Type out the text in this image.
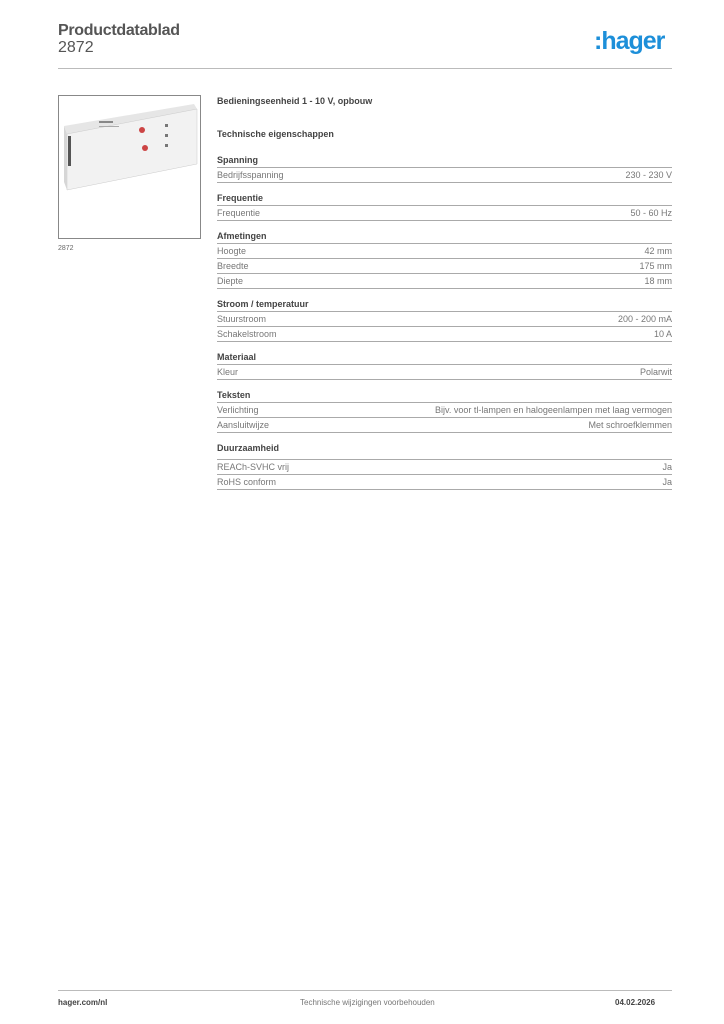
Productdatablad
2872	:hager
2872
Bedieningseenheid 1 - 10 V, opbouw
Technische eigenschappen
Spanning
Bedrijfsspanning	230 - 230 V
Frequentie
Frequentie	50 - 60 Hz
Afmetingen
Hoogte	42 mm
Breedte	175 mm
Diepte	18 mm
Stroom / temperatuur
Stuurstroom	200 - 200 mA
Schakelstroom	10 A
Materiaal
Kleur	Polarwit
Teksten
Verlichting	Bijv. voor tl-lampen en halogeenlampen met laag vermogen
Aansluitwijze	Met schroefklemmen
Duurzaamheid
REACh-SVHC vrij	Ja
RoHS conform	Ja
hager.com/nl	Technische wijzigingen voorbehouden	04.02.2026
